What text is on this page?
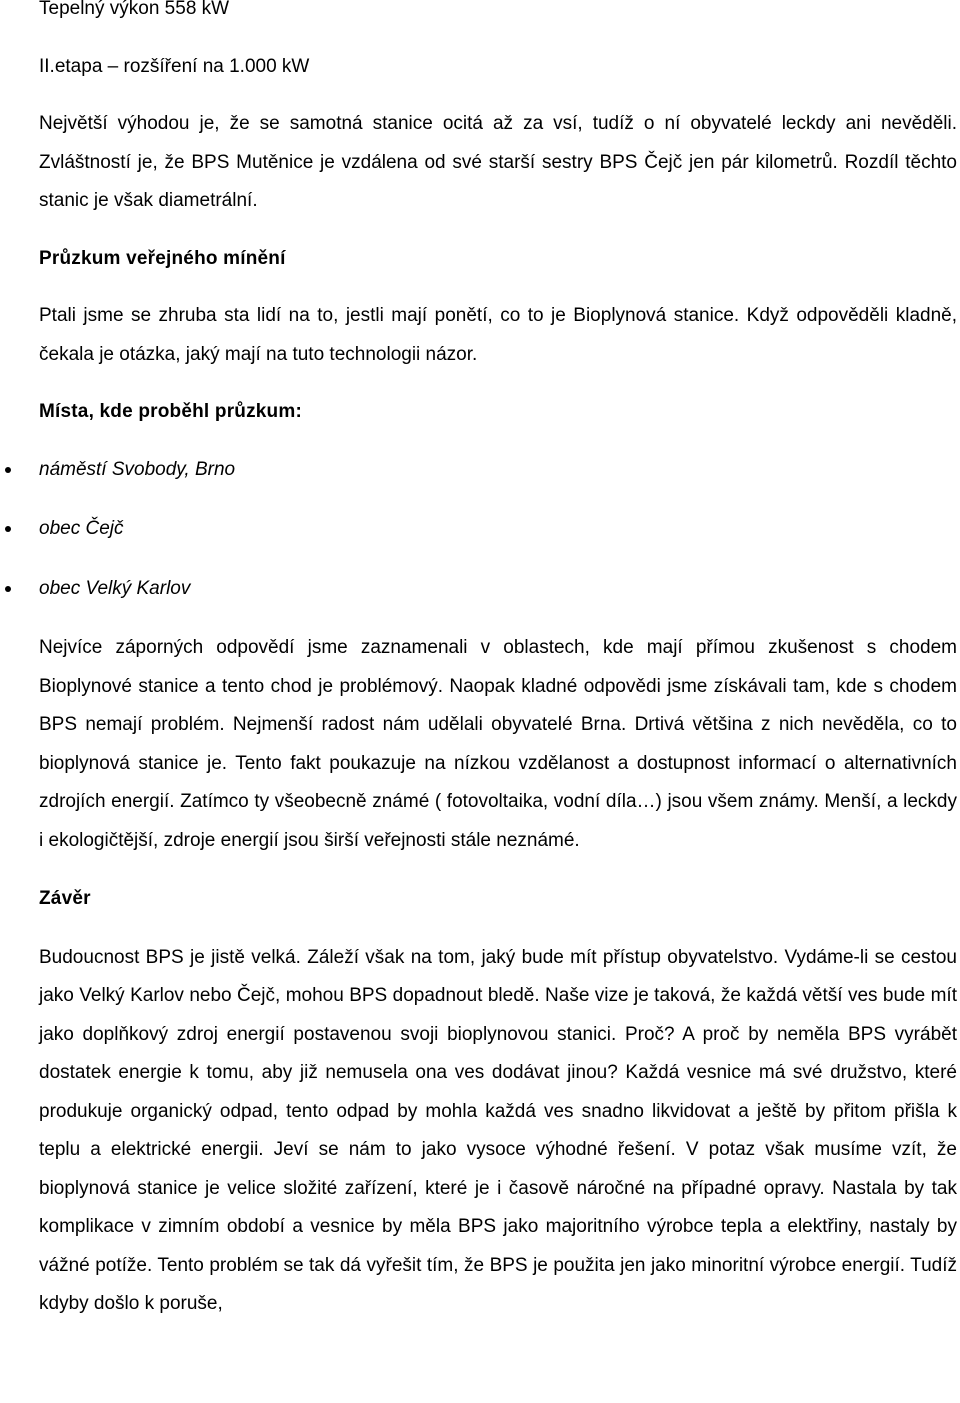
Tepelný výkon 558 kW

II.etapa – rozšíření na 1.000 kW

Největší výhodou je, že se samotná stanice ocitá až za vsí, tudíž o ní obyvatelé leckdy ani nevěděli. Zvláštností je, že BPS Mutěnice je vzdálena od své starší sestry BPS Čejč jen pár kilometrů. Rozdíl těchto stanic je však diametrální.

Průzkum veřejného mínění

Ptali jsme se zhruba sta lidí na to, jestli mají ponětí, co to je Bioplynová stanice. Když odpověděli kladně, čekala je otázka, jaký mají na tuto technologii názor.

Místa, kde proběhl průzkum:

náměstí Svobody, Brno
obec Čejč
obec Velký Karlov

Nejvíce záporných odpovědí jsme zaznamenali v oblastech, kde mají přímou zkušenost s chodem Bioplynové stanice a tento chod je problémový. Naopak kladné odpovědi jsme získávali tam, kde s chodem BPS nemají problém. Nejmenší radost nám udělali obyvatelé Brna. Drtivá většina z nich nevěděla, co to bioplynová stanice je. Tento fakt poukazuje na nízkou vzdělanost a dostupnost informací o alternativních zdrojích energií. Zatímco ty všeobecně známé ( fotovoltaika, vodní díla…) jsou všem známy. Menší, a leckdy i ekologičtější, zdroje energií jsou širší veřejnosti stále neznámé.

Závěr

Budoucnost BPS je jistě velká. Záleží však na tom, jaký bude mít přístup obyvatelstvo. Vydáme-li se cestou jako Velký Karlov nebo Čejč, mohou BPS dopadnout bledě. Naše vize je taková, že každá větší ves bude mít jako doplňkový zdroj energií postavenou svoji bioplynovou stanici. Proč? A proč by neměla BPS vyrábět dostatek energie k tomu, aby již nemusela ona ves dodávat jinou? Každá vesnice má své družstvo, které produkuje organický odpad, tento odpad by mohla každá ves snadno likvidovat a ještě by přitom přišla k teplu a elektrické energii. Jeví se nám to jako vysoce výhodné řešení. V potaz však musíme vzít, že bioplynová stanice je velice složité zařízení, které je i časově náročné na případné opravy. Nastala by tak komplikace v zimním období a vesnice by měla BPS jako majoritního výrobce tepla a elektřiny, nastaly by vážné potíže. Tento problém se tak dá vyřešit tím, že BPS je použita jen jako minoritní výrobce energií. Tudíž kdyby došlo k poruše,
